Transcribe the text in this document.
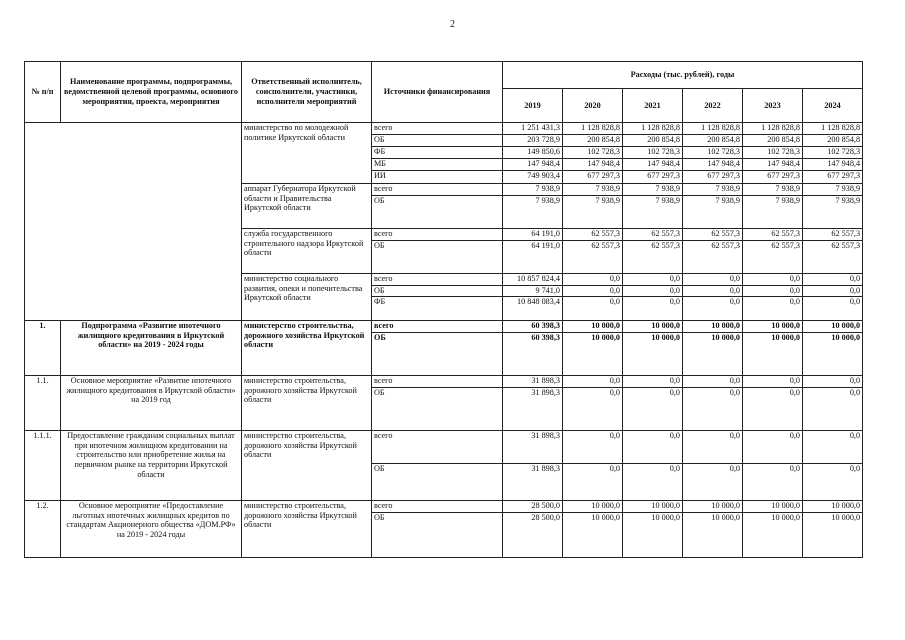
2
№ п/п	Наименование программы, подпрограммы, ведомственной целевой программы, основного мероприятия, проекта, мероприятия	Ответственный исполнитель, соисполнители, участники, исполнители мероприятий	Источники финансирования	Расходы (тыс. рублей), годы					
				2019	2020	2021	2022	2023	2024
		министерство по молодежной политике Иркутской области	всего	1 251 431,3	1 128 828,8	1 128 828,8	1 128 828,8	1 128 828,8	1 128 828,8
			ОБ	203 728,9	200 854,8	200 854,8	200 854,8	200 854,8	200 854,8
			ФБ	149 850,6	102 728,3	102 728,3	102 728,3	102 728,3	102 728,3
			МБ	147 948,4	147 948,4	147 948,4	147 948,4	147 948,4	147 948,4
			ИИ	749 903,4	677 297,3	677 297,3	677 297,3	677 297,3	677 297,3
		аппарат Губернатора Иркутской области и Правительства Иркутской области	всего	7 938,9	7 938,9	7 938,9	7 938,9	7 938,9	7 938,9
			ОБ	7 938,9	7 938,9	7 938,9	7 938,9	7 938,9	7 938,9
		служба государственного строительного надзора Иркутской области	всего	64 191,0	62 557,3	62 557,3	62 557,3	62 557,3	62 557,3
			ОБ	64 191,0	62 557,3	62 557,3	62 557,3	62 557,3	62 557,3
		министерство социального развития, опеки и попечительства Иркутской области	всего	10 857 824,4	0,0	0,0	0,0	0,0	0,0
			ОБ	9 741,0	0,0	0,0	0,0	0,0	0,0
			ФБ	10 848 083,4	0,0	0,0	0,0	0,0	0,0
1.	Подпрограмма «Развитие ипотечного жилищного кредитования в Иркутской области» на 2019 - 2024 годы	министерство строительства, дорожного хозяйства Иркутской области	всего	60 398,3	10 000,0	10 000,0	10 000,0	10 000,0	10 000,0
			ОБ	60 398,3	10 000,0	10 000,0	10 000,0	10 000,0	10 000,0
1.1.	Основное мероприятие «Развитие ипотечного жилищного кредитования в Иркутской области» на 2019 год	министерство строительства, дорожного хозяйства Иркутской области	всего	31 898,3	0,0	0,0	0,0	0,0	0,0
			ОБ	31 898,3	0,0	0,0	0,0	0,0	0,0
1.1.1.	Предоставление гражданам социальных выплат при ипотечном жилищном кредитовании на строительство или приобретение жилья на первичном рынке на территории Иркутской области	министерство строительства, дорожного хозяйства Иркутской области	всего	31 898,3	0,0	0,0	0,0	0,0	0,0
			ОБ	31 898,3	0,0	0,0	0,0	0,0	0,0
1.2.	Основное мероприятие «Предоставление льготных ипотечных жилищных кредитов по стандартам Акционерного общества «ДОМ.РФ» на 2019 - 2024 годы	министерство строительства, дорожного хозяйства Иркутской области	всего	28 500,0	10 000,0	10 000,0	10 000,0	10 000,0	10 000,0
			ОБ	28 500,0	10 000,0	10 000,0	10 000,0	10 000,0	10 000,0
